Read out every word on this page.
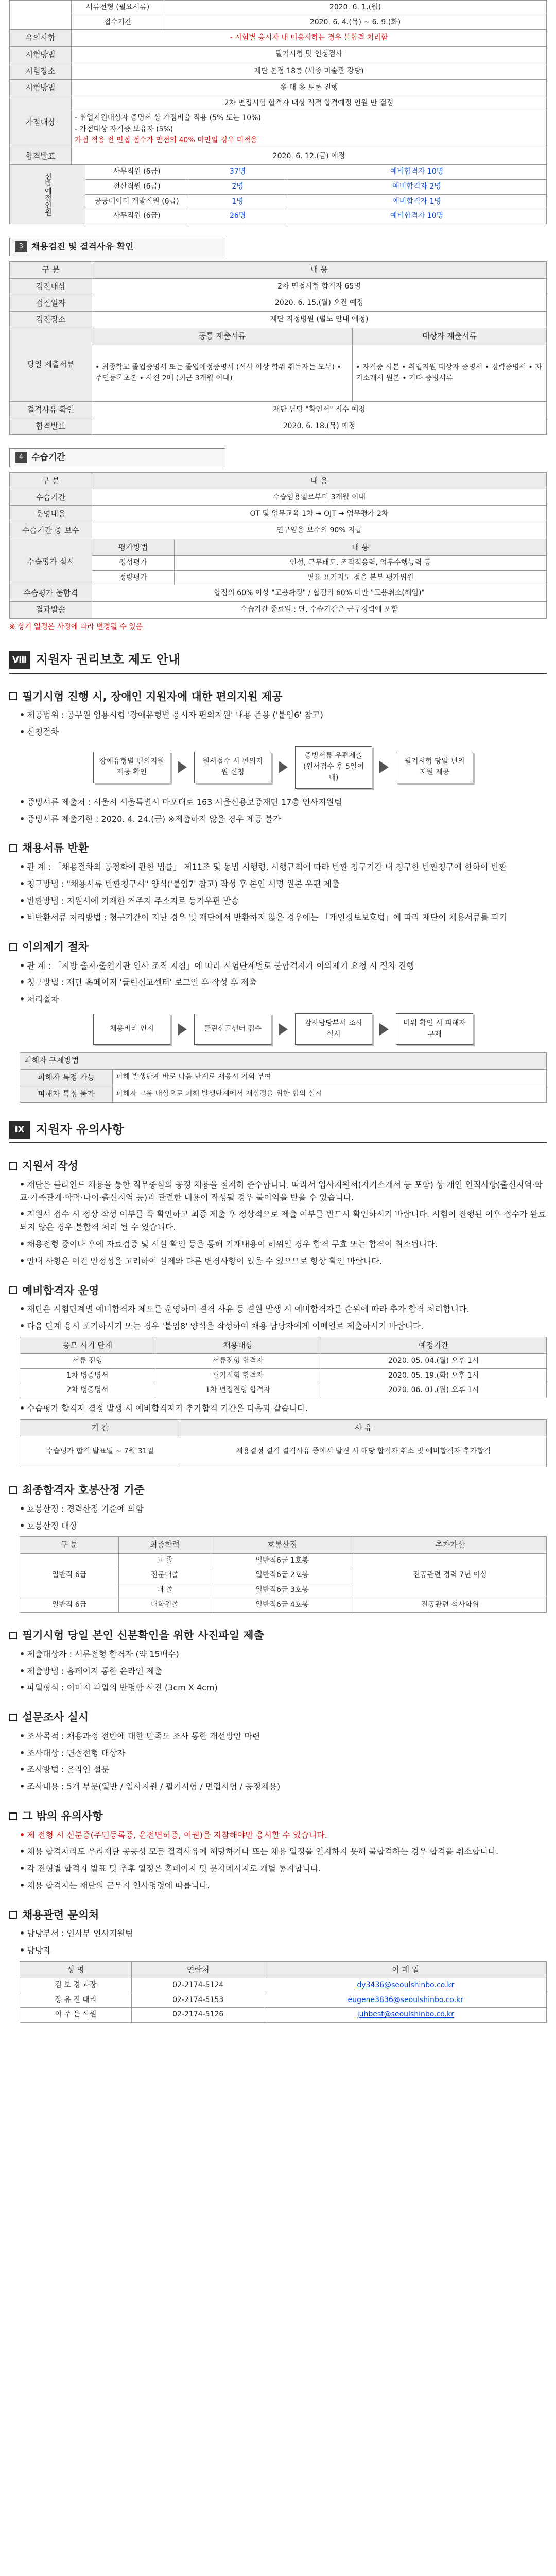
	서류전형 (필요서류)	2020. 6. 1.(월)
	접수기간	2020. 6. 4.(목) ~ 6. 9.(화)
유의사항	- 시험별 응시자 내 미응시하는 경우 불합격 처리함	
시험방법	필기시험 및 인성검사	
시험장소	재단 본점 18층 (세종 미술관 강당)	
시험방법	多 대 多 토론 진행	
가점대상	2차 면접시험 합격자 대상 적격 합격예정 인원 만 결정	

	- 취업지원대상자 증명서 상 가점비율 적용 (5% 또는 10%)
- 가점대상 자격증 보유자 (5%)
가점 적용 전 면접 점수가 만점의 40% 미만일 경우 미적용	

합격발표	2020. 6. 12.(금) 예정	
선발예정인원	사무직원 (6급)	37명	예비합격자 10명
	전산직원 (6급)	2명	예비합격자 2명
	공공데이터 개발직원 (6급)	1명	예비합격자 1명
	사무직원 (6급)	26명	예비합격자 10명
3 채용검진 및 결격사유 확인
구 분	내 용	
검진대상	2차 면접시험 합격자 65명	
검진일자	2020. 6. 15.(월) 오전 예정	
검진장소	재단 지정병원 (별도 안내 예정)	
당일 제출서류	공통 제출서류	대상자 제출서류
	• 최종학교 졸업증명서 또는 졸업예정증명서 (석사 이상 학위 취득자는 모두) • 주민등록초본 • 사진 2매 (최근 3개월 이내)	• 자격증 사본 • 취업지원 대상자 증명서 • 경력증명서 • 자기소개서 원본 • 기타 증빙서류
결격사유 확인	재단 담당 "확인서" 접수 예정	
합격발표	2020. 6. 18.(목) 예정	
4 수습기간
구 분	내 용	
수습기간	수습임용일로부터 3개월 이내	
운영내용	OT 및 업무교육 1차 → OJT → 업무평가 2차	
수습기간 중 보수	연구임용 보수의 90% 지급	
수습평가 실시	평가방법	내 용
	정성평가	인성, 근무태도, 조직적응력, 업무수행능력 등
	정량평가	필요 표기지도 점을 본부 평가위원
수습평가 불합격	합점의 60% 이상 "고용확정" / 합점의 60% 미만 "고용취소(해임)"	
결과발송	수습기간 종료일 : 단, 수습기간은 근무경력에 포함	
※ 상기 일정은 사정에 따라 변경될 수 있음
Ⅷ 지원자 권리보호 제도 안내
필기시험 진행 시, 장애인 지원자에 대한 편의지원 제공
• 제공범위 : 공무원 임용시험 '장애유형별 응시자 편의지원' 내용 준용 ('붙임6' 참고)
• 신청절차
장애유형별 편의지원 제공 확인
원서접수 시 편의지원 신청
증빙서류 우편제출 (원서접수 후 5일이내)
필기시험 당일 편의지원 제공
• 증빙서류 제출처 : 서울시 서울특별시 마포대로 163 서울신용보증재단 17층 인사지원팀
• 증빙서류 제출기한 : 2020. 4. 24.(금) ※제출하지 않을 경우 제공 불가
채용서류 반환
• 관 계 : 「채용절차의 공정화에 관한 법률」 제11조 및 동법 시행령, 시행규칙에 따라 반환 청구기간 내 청구한 반환청구에 한하여 반환
• 청구방법 : "채용서류 반환청구서" 양식('붙임7' 참고) 작성 후 본인 서명 원본 우편 제출
• 반환방법 : 지원서에 기재한 거주지 주소지로 등기우편 발송
• 비반환서류 처리방법 : 청구기간이 지난 경우 및 재단에서 반환하지 않은 경우에는 「개인정보보호법」에 따라 재단이 채용서류를 파기
이의제기 절차
• 관 계 : 「지방 출자·출연기관 인사 조직 지침」에 따라 시험단계별로 불합격자가 이의제기 요청 시 절차 진행
• 청구방법 : 재단 홈페이지 '클린신고센터' 로그인 후 작성 후 제출
• 처리절차
채용비리 인지	클린신고센터 접수
감사담당부서 조사 실시
비위 확인 시 피해자 구제
피해자 구제방법	
피해자 특정 가능	피해 발생단계 바로 다음 단계로 재응시 기회 부여
피해자 특정 불가	피해자 그룹 대상으로 피해 발생단계에서 재심정을 위한 협의 실시
Ⅸ 지원자 유의사항
지원서 작성
• 재단은 블라인드 채용을 통한 직무중심의 공정 채용을 철저히 준수합니다. 따라서 입사지원서(자기소개서 등 포함) 상 개인 인적사항(출신지역·학교·가족관계·학력·나이·출신지역 등)과 관련한 내용이 작성될 경우 불이익을 받을 수 있습니다.
• 지원서 접수 시 정상 작성 여부를 꼭 확인하고 최종 제출 후 정상적으로 제출 여부를 반드시 확인하시기 바랍니다. 시험이 진행된 이후 접수가 완료되지 않은 경우 불합격 처리 될 수 있습니다.
• 채용전형 중이나 후에 자료검증 및 서실 확인 등을 통해 기재내용이 허위일 경우 합격 무효 또는 합격이 취소됩니다.
• 안내 사항은 여건 안정성을 고려하여 실제와 다른 변경사항이 있을 수 있으므로 항상 확인 바랍니다.
예비합격자 운영
• 재단은 시험단계별 예비합격자 제도를 운영하며 결격 사유 등 결원 발생 시 예비합격자를 순위에 따라 추가 합격 처리합니다.
• 다음 단계 응시 포기하시기 또는 경우 '붙임8' 양식을 작성하여 채용 담당자에게 이메일로 제출하시기 바랍니다.
응모 시기 단계	채용대상	예정기간
서류 전형	서류전형 합격자	2020. 05. 04.(월) 오후 1시
1차 병증명서	필기시험 합격자	2020. 05. 19.(화) 오후 1시
2차 병증명서	1차 면접전형 합격자	2020. 06. 01.(월) 오후 1시
• 수습평가 합격자 결정 발생 시 예비합격자가 추가합격 기간은 다음과 같습니다.
기 간	사 유
수습평가 합격 발표일 ~ 7월 31일	채용결정 결격 결격사유 중에서 발견 시 해당 합격자 취소 및 예비합격자 추가합격
최종합격자 호봉산정 기준
• 호봉산정 : 경력산정 기준에 의함
• 호봉산정 대상
구 분	최종학력	호봉산정	추가가산
일반직 6급	고 졸	일반직6급 1호봉	전공관련 경력 7년 이상
	전문대졸	일반직6급 2호봉	
	대 졸	일반직6급 3호봉	
일반직 6급	대학원졸	일반직6급 4호봉	전공관련 석사학위
필기시험 당일 본인 신분확인을 위한 사진파일 제출
• 제출대상자 : 서류전형 합격자 (약 15배수)
• 제출방법 : 홈페이지 통한 온라인 제출
• 파일형식 : 이미지 파일의 반명함 사진 (3cm X 4cm)
설문조사 실시
• 조사목적 : 채용과정 전반에 대한 만족도 조사 통한 개선방안 마련
• 조사대상 : 면접전형 대상자
• 조사방법 : 온라인 설문
• 조사내용 : 5개 부문(일반 / 입사지원 / 필기시험 / 면접시험 / 공정채용)
그 밖의 유의사항
• 제 전형 시 신분증(주민등록증, 운전면허증, 여권)을 지참해야만 응시할 수 있습니다.
• 채용 합격자라도 우리재단 공공성 모든 결격사유에 해당하거나 또는 채용 일정을 인지하지 못해 불합격하는 경우 합격을 취소합니다.
• 각 전형별 합격자 발표 및 추후 일정은 홈페이지 및 문자메시지로 개별 통지합니다.
• 채용 합격자는 재단의 근무지 인사명령에 따릅니다.
채용관련 문의처
• 담당부서 : 인사부 인사지원팀
• 담당자
성 명	연락처	이 메 일
김 보 경 과장	02-2174-5124	dy3436@seoulshinbo.co.kr
장 유 진 대리	02-2174-5153	eugene3836@seoulshinbo.co.kr
이 주 은 사원	02-2174-5126	juhbest@seoulshinbo.co.kr
